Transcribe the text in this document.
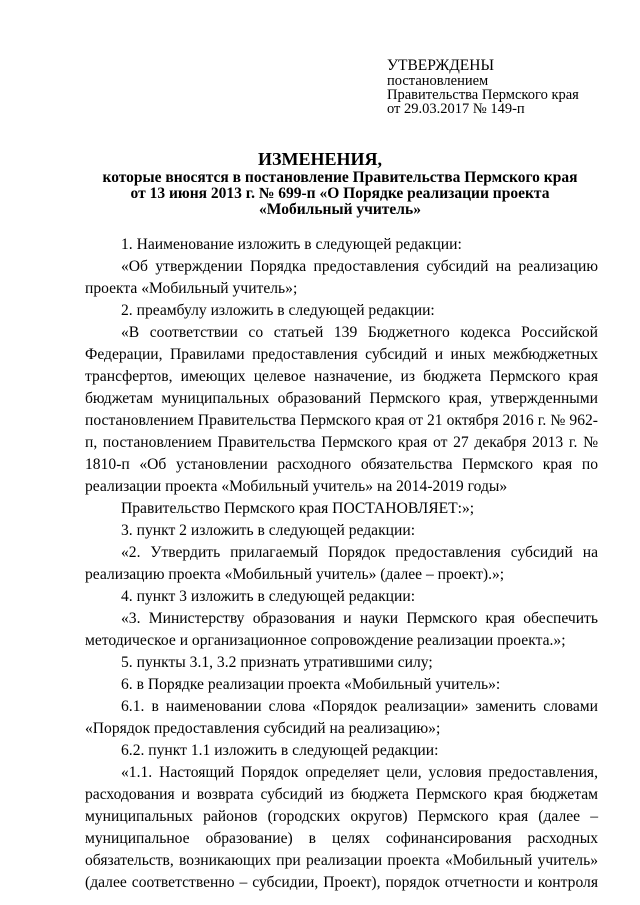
УТВЕРЖДЕНЫ
постановлением
Правительства Пермского края
от 29.03.2017 № 149-п
ИЗМЕНЕНИЯ,
которые вносятся в постановление Правительства Пермского края
от 13 июня 2013 г. № 699-п «О Порядке реализации проекта
«Мобильный учитель»

1. Наименование изложить в следующей редакции:

«Об утверждении Порядка предоставления субсидий на реализацию проекта «Мобильный учитель»;

2. преамбулу изложить в следующей редакции:

«В соответствии со статьей 139 Бюджетного кодекса Российской Федерации, Правилами предоставления субсидий и иных межбюджетных трансфертов, имеющих целевое назначение, из бюджета Пермского края бюджетам муниципальных образований Пермского края, утвержденными постановлением Правительства Пермского края от 21 октября 2016 г. № 962-п, постановлением Правительства Пермского края от 27 декабря 2013 г. № 1810-п «Об установлении расходного обязательства Пермского края по реализации проекта «Мобильный учитель» на 2014-2019 годы»

Правительство Пермского края ПОСТАНОВЛЯЕТ:»;

3. пункт 2 изложить в следующей редакции:

«2. Утвердить прилагаемый Порядок предоставления субсидий на реализацию проекта «Мобильный учитель» (далее – проект).»;

4. пункт 3 изложить в следующей редакции:

«3. Министерству образования и науки Пермского края обеспечить методическое и организационное сопровождение реализации проекта.»;

5. пункты 3.1, 3.2 признать утратившими силу;

6. в Порядке реализации проекта «Мобильный учитель»:

6.1. в наименовании слова «Порядок реализации» заменить словами «Порядок предоставления субсидий на реализацию»;

6.2. пункт 1.1 изложить в следующей редакции:

«1.1. Настоящий Порядок определяет цели, условия предоставления, расходования и возврата субсидий из бюджета Пермского края бюджетам муниципальных районов (городских округов) Пермского края (далее – муниципальное образование) в целях софинансирования расходных обязательств, возникающих при реализации проекта «Мобильный учитель» (далее соответственно – субсидии, Проект), порядок отчетности и контроля
